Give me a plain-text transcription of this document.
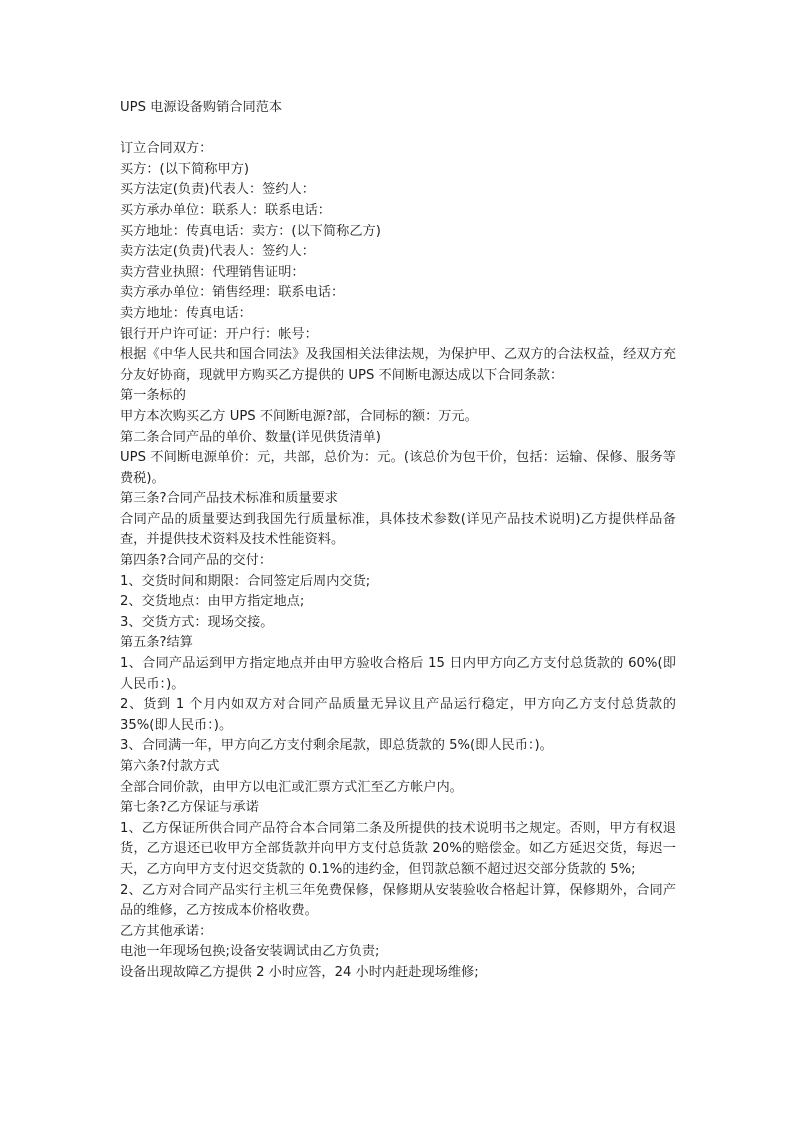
UPS 电源设备购销合同范本

订立合同双方：

买方：(以下简称甲方)

买方法定(负责)代表人：签约人：

买方承办单位：联系人：联系电话：

买方地址：传真电话：卖方：(以下简称乙方)

卖方法定(负责)代表人：签约人：

卖方营业执照：代理销售证明：

卖方承办单位：销售经理：联系电话：

卖方地址：传真电话：

银行开户许可证：开户行：帐号：

根据《中华人民共和国合同法》及我国相关法律法规，为保护甲、乙双方的合法权益，经双方充分友好协商，现就甲方购买乙方提供的 UPS 不间断电源达成以下合同条款：

第一条标的

甲方本次购买乙方 UPS 不间断电源?部，合同标的额：万元。

第二条合同产品的单价、数量(详见供货清单)

UPS 不间断电源单价：元，共部，总价为：元。(该总价为包干价，包括：运输、保修、服务等费税)。

第三条?合同产品技术标准和质量要求

合同产品的质量要达到我国先行质量标准，具体技术参数(详见产品技术说明)乙方提供样品备查，并提供技术资料及技术性能资料。

第四条?合同产品的交付：

1、交货时间和期限：合同签定后周内交货;

2、交货地点：由甲方指定地点;

3、交货方式：现场交接。

第五条?结算

1、合同产品运到甲方指定地点并由甲方验收合格后 15 日内甲方向乙方支付总货款的 60%(即人民币：)。

2、货到 1 个月内如双方对合同产品质量无异议且产品运行稳定，甲方向乙方支付总货款的 35%(即人民币：)。

3、合同满一年，甲方向乙方支付剩余尾款，即总货款的 5%(即人民币：)。

第六条?付款方式

全部合同价款，由甲方以电汇或汇票方式汇至乙方帐户内。

第七条?乙方保证与承诺

1、乙方保证所供合同产品符合本合同第二条及所提供的技术说明书之规定。否则，甲方有权退货，乙方退还已收甲方全部货款并向甲方支付总货款 20%的赔偿金。如乙方延迟交货，每迟一天，乙方向甲方支付迟交货款的 0.1%的违约金，但罚款总额不超过迟交部分货款的 5%;

2、乙方对合同产品实行主机三年免费保修，保修期从安装验收合格起计算，保修期外，合同产品的维修，乙方按成本价格收费。

乙方其他承诺：

电池一年现场包换;设备安装调试由乙方负责;

设备出现故障乙方提供 2 小时应答，24 小时内赶赴现场维修;
